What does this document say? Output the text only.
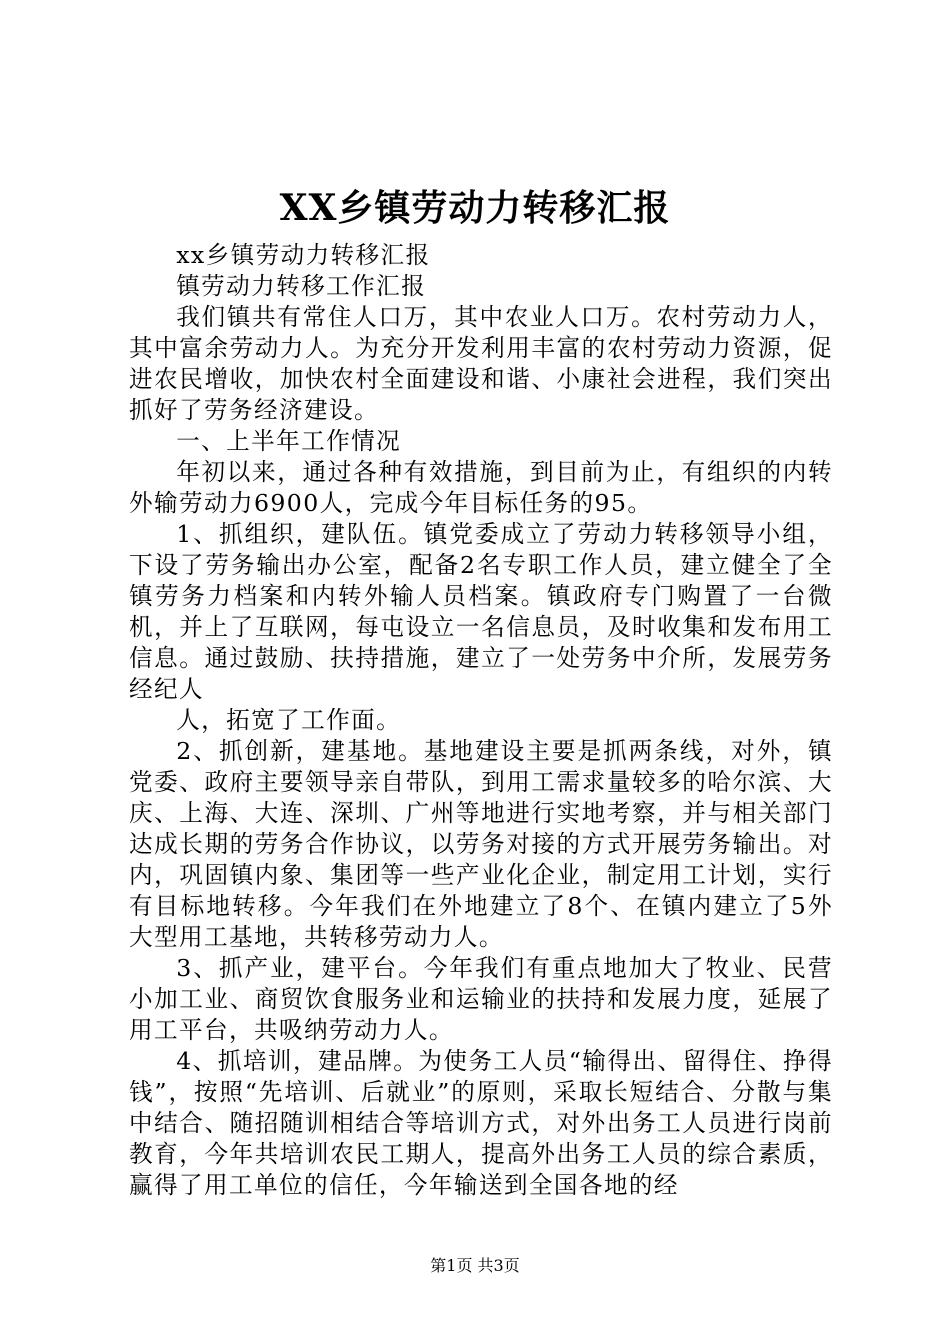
XX乡镇劳动力转移汇报

xx乡镇劳动力转移汇报

镇劳动力转移工作汇报

我们镇共有常住人口万，其中农业人口万。农村劳动力人，其中富余劳动力人。为充分开发利用丰富的农村劳动力资源，促进农民增收，加快农村全面建设和谐、小康社会进程，我们突出抓好了劳务经济建设。

一、上半年工作情况

年初以来，通过各种有效措施，到目前为止，有组织的内转外输劳动力6900人，完成今年目标任务的95。

1、抓组织，建队伍。镇党委成立了劳动力转移领导小组，下设了劳务输出办公室，配备2名专职工作人员，建立健全了全镇劳务力档案和内转外输人员档案。镇政府专门购置了一台微机，并上了互联网，每屯设立一名信息员，及时收集和发布用工信息。通过鼓励、扶持措施，建立了一处劳务中介所，发展劳务经纪人

人，拓宽了工作面。

2、抓创新，建基地。基地建设主要是抓两条线，对外，镇党委、政府主要领导亲自带队，到用工需求量较多的哈尔滨、大庆、上海、大连、深圳、广州等地进行实地考察，并与相关部门达成长期的劳务合作协议，以劳务对接的方式开展劳务输出。对内，巩固镇内象、集团等一些产业化企业，制定用工计划，实行有目标地转移。今年我们在外地建立了8个、在镇内建立了5外大型用工基地，共转移劳动力人。

3、抓产业，建平台。今年我们有重点地加大了牧业、民营小加工业、商贸饮食服务业和运输业的扶持和发展力度，延展了用工平台，共吸纳劳动力人。

4、抓培训，建品牌。为使务工人员“输得出、留得住、挣得钱”，按照“先培训、后就业”的原则，采取长短结合、分散与集中结合、随招随训相结合等培训方式，对外出务工人员进行岗前教育，今年共培训农民工期人，提高外出务工人员的综合素质，赢得了用工单位的信任，今年输送到全国各地的经

第1页 共3页
